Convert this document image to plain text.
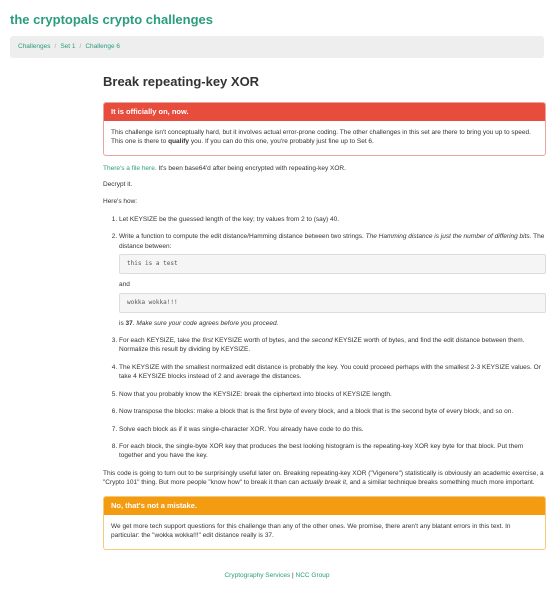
the cryptopals crypto challenges
Challenges / Set 1 / Challenge 6
Break repeating-key XOR
It is officially on, now.
This challenge isn't conceptually hard, but it involves actual error-prone coding. The other challenges in this set are there to bring you up to speed. This one is there to qualify you. If you can do this one, you're probably just fine up to Set 6.

There's a file here. It's been base64'd after being encrypted with repeating-key XOR.

Decrypt it.

Here's how:

1. Let KEYSIZE be the guessed length of the key; try values from 2 to (say) 40.
2. Write a function to compute the edit distance/Hamming distance between two strings. The Hamming distance is just the number of differing bits. The distance between:
this is a test
and
wokka wokka!!!
is 37. Make sure your code agrees before you proceed.
3. For each KEYSIZE, take the first KEYSIZE worth of bytes, and the second KEYSIZE worth of bytes, and find the edit distance between them. Normalize this result by dividing by KEYSIZE.
4. The KEYSIZE with the smallest normalized edit distance is probably the key. You could proceed perhaps with the smallest 2-3 KEYSIZE values. Or take 4 KEYSIZE blocks instead of 2 and average the distances.
5. Now that you probably know the KEYSIZE: break the ciphertext into blocks of KEYSIZE length.
6. Now transpose the blocks: make a block that is the first byte of every block, and a block that is the second byte of every block, and so on.
7. Solve each block as if it was single-character XOR. You already have code to do this.
8. For each block, the single-byte XOR key that produces the best looking histogram is the repeating-key XOR key byte for that block. Put them together and you have the key.

This code is going to turn out to be surprisingly useful later on. Breaking repeating-key XOR ("Vigenere") statistically is obviously an academic exercise, a "Crypto 101" thing. But more people "know how" to break it than can actually break it, and a similar technique breaks something much more important.

No, that's not a mistake.
We get more tech support questions for this challenge than any of the other ones. We promise, there aren't any blatant errors in this text. In particular: the "wokka wokka!!!" edit distance really is 37.
Cryptography Services | NCC Group
